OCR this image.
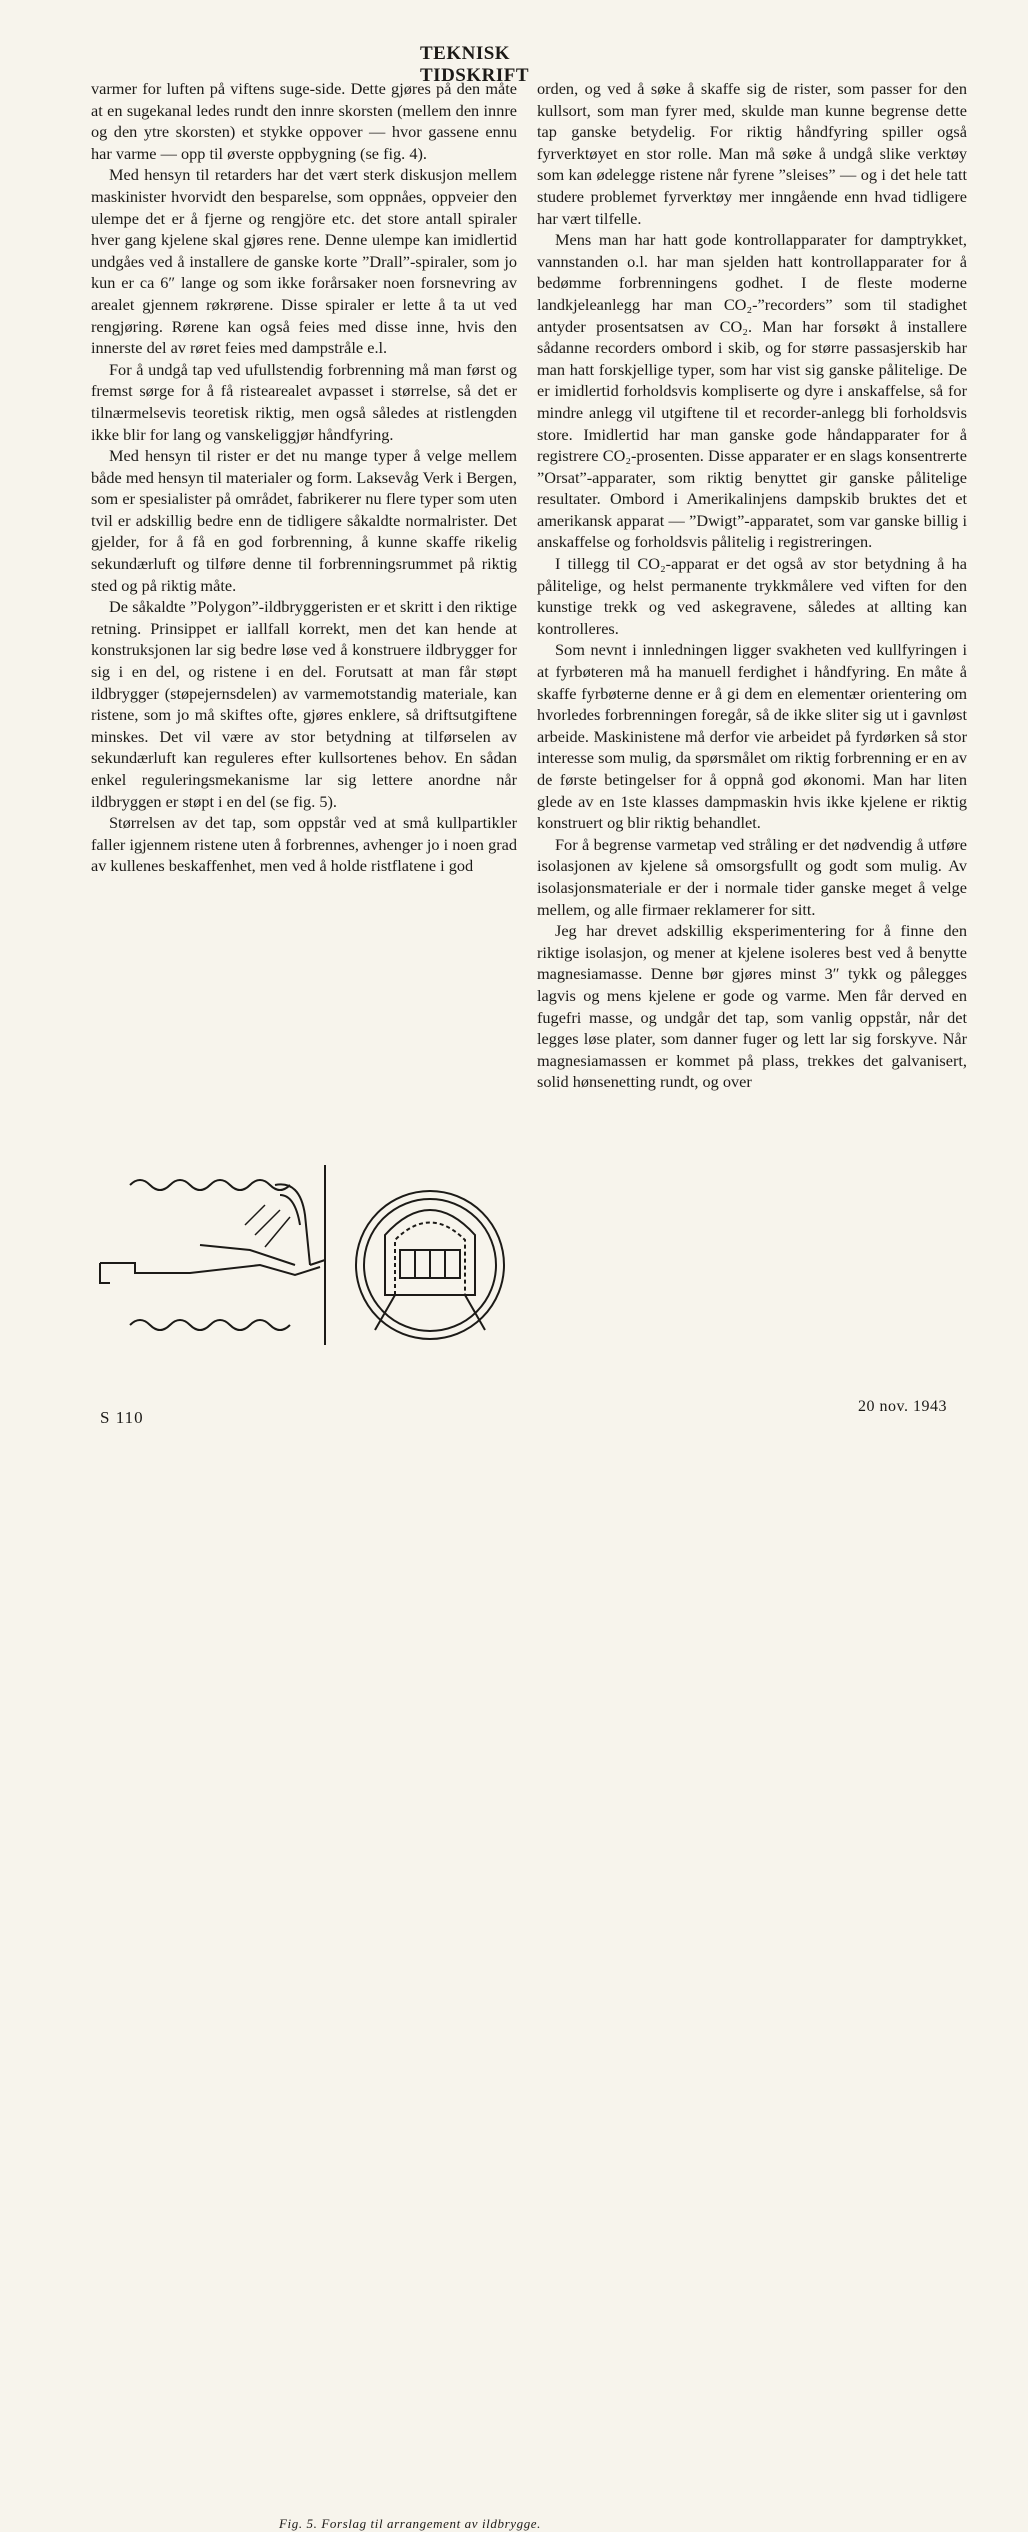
TEKNISK TIDSKRIFT

varmer for luften på viftens suge-side. Dette gjøres på den måte at en sugekanal ledes rundt den innre skorsten (mellem den innre og den ytre skorsten) et stykke oppover — hvor gassene ennu har varme — opp til øverste oppbygning (se fig. 4).

Med hensyn til retarders har det vært sterk diskusjon mellem maskinister hvorvidt den besparelse, som oppnåes, oppveier den ulempe det er å fjerne og rengjöre etc. det store antall spiraler hver gang kjelene skal gjøres rene. Denne ulempe kan imidlertid undgåes ved å installere de ganske korte ”Drall”-spiraler, som jo kun er ca 6″ lange og som ikke forårsaker noen forsnevring av arealet gjennem røkrørene. Disse spiraler er lette å ta ut ved rengjøring. Rørene kan også feies med disse inne, hvis den innerste del av røret feies med dampstråle e.l.

For å undgå tap ved ufullstendig forbrenning må man først og fremst sørge for å få ristearealet avpasset i størrelse, så det er tilnærmelsevis teoretisk riktig, men også således at ristlengden ikke blir for lang og vanskeliggjør håndfyring.

Med hensyn til rister er det nu mange typer å velge mellem både med hensyn til materialer og form. Laksevåg Verk i Bergen, som er spesialister på området, fabrikerer nu flere typer som uten tvil er adskillig bedre enn de tidligere såkaldte normalrister. Det gjelder, for å få en god forbrenning, å kunne skaffe rikelig sekundærluft og tilføre denne til forbrenningsrummet på riktig sted og på riktig måte.

De såkaldte ”Polygon”-ildbryggeristen er et skritt i den riktige retning. Prinsippet er iallfall korrekt, men det kan hende at konstruksjonen lar sig bedre løse ved å konstruere ildbrygger for sig i en del, og ristene i en del. Forutsatt at man får støpt ildbrygger (støpejernsdelen) av varmemotstandig materiale, kan ristene, som jo må skiftes ofte, gjøres enklere, så driftsutgiftene minskes. Det vil være av stor betydning at tilførselen av sekundærluft kan reguleres efter kullsortenes behov. En sådan enkel reguleringsmekanisme lar sig lettere anordne når ildbryggen er støpt i en del (se fig. 5).

Størrelsen av det tap, som oppstår ved at små kullpartikler faller igjennem ristene uten å forbrennes, avhenger jo i noen grad av kullenes beskaffenhet, men ved å holde ristflatene i god

orden, og ved å søke å skaffe sig de rister, som passer for den kullsort, som man fyrer med, skulde man kunne begrense dette tap ganske betydelig. For riktig håndfyring spiller også fyrverktøyet en stor rolle. Man må søke å undgå slike verktøy som kan ødelegge ristene når fyrene ”sleises” — og i det hele tatt studere problemet fyrverktøy mer inngående enn hvad tidligere har vært tilfelle.

Mens man har hatt gode kontrollapparater for damptrykket, vannstanden o.l. har man sjelden hatt kontrollapparater for å bedømme forbrenningens godhet. I de fleste moderne landkjeleanlegg har man CO₂-”recorders” som til stadighet antyder prosentsatsen av CO₂. Man har forsøkt å installere sådanne recorders ombord i skib, og for større passasjerskib har man hatt forskjellige typer, som har vist sig ganske pålitelige. De er imidlertid forholdsvis kompliserte og dyre i anskaffelse, så for mindre anlegg vil utgiftene til et recorder-anlegg bli forholdsvis store. Imidlertid har man ganske gode håndapparater for å registrere CO₂-prosenten. Disse apparater er en slags konsentrerte ”Orsat”-apparater, som riktig benyttet gir ganske pålitelige resultater. Ombord i Amerikalinjens dampskib bruktes det et amerikansk apparat — ”Dwigt”-apparatet, som var ganske billig i anskaffelse og forholdsvis pålitelig i registreringen.

I tillegg til CO₂-apparat er det også av stor betydning å ha pålitelige, og helst permanente trykkmålere ved viften for den kunstige trekk og ved askegravene, således at allting kan kontrolleres.

Som nevnt i innledningen ligger svakheten ved kullfyringen i at fyrbøteren må ha manuell ferdighet i håndfyring. En måte å skaffe fyrbøterne denne er å gi dem en elementær orientering om hvorledes forbrenningen foregår, så de ikke sliter sig ut i gavnløst arbeide. Maskinistene må derfor vie arbeidet på fyrdørken så stor interesse som mulig, da spørsmålet om riktig forbrenning er en av de første betingelser for å oppnå god økonomi. Man har liten glede av en 1ste klasses dampmaskin hvis ikke kjelene er riktig konstruert og blir riktig behandlet.

For å begrense varmetap ved stråling er det nødvendig å utføre isolasjonen av kjelene så omsorgsfullt og godt som mulig. Av isolasjonsmateriale er der i normale tider ganske meget å velge mellem, og alle firmaer reklamerer for sitt.

Jeg har drevet adskillig eksperimentering for å finne den riktige isolasjon, og mener at kjelene isoleres best ved å benytte magnesiamasse. Denne bør gjøres minst 3″ tykk og pålegges lagvis og mens kjelene er gode og varme. Men får derved en fugefri masse, og undgår det tap, som vanlig oppstår, når det legges løse plater, som danner fuger og lett lar sig forskyve. Når magnesiamassen er kommet på plass, trekkes det galvanisert, solid hønsenetting rundt, og over

Fig. 5. Forslag til arrangement av ildbrygge.
S 110
20 nov. 1943
